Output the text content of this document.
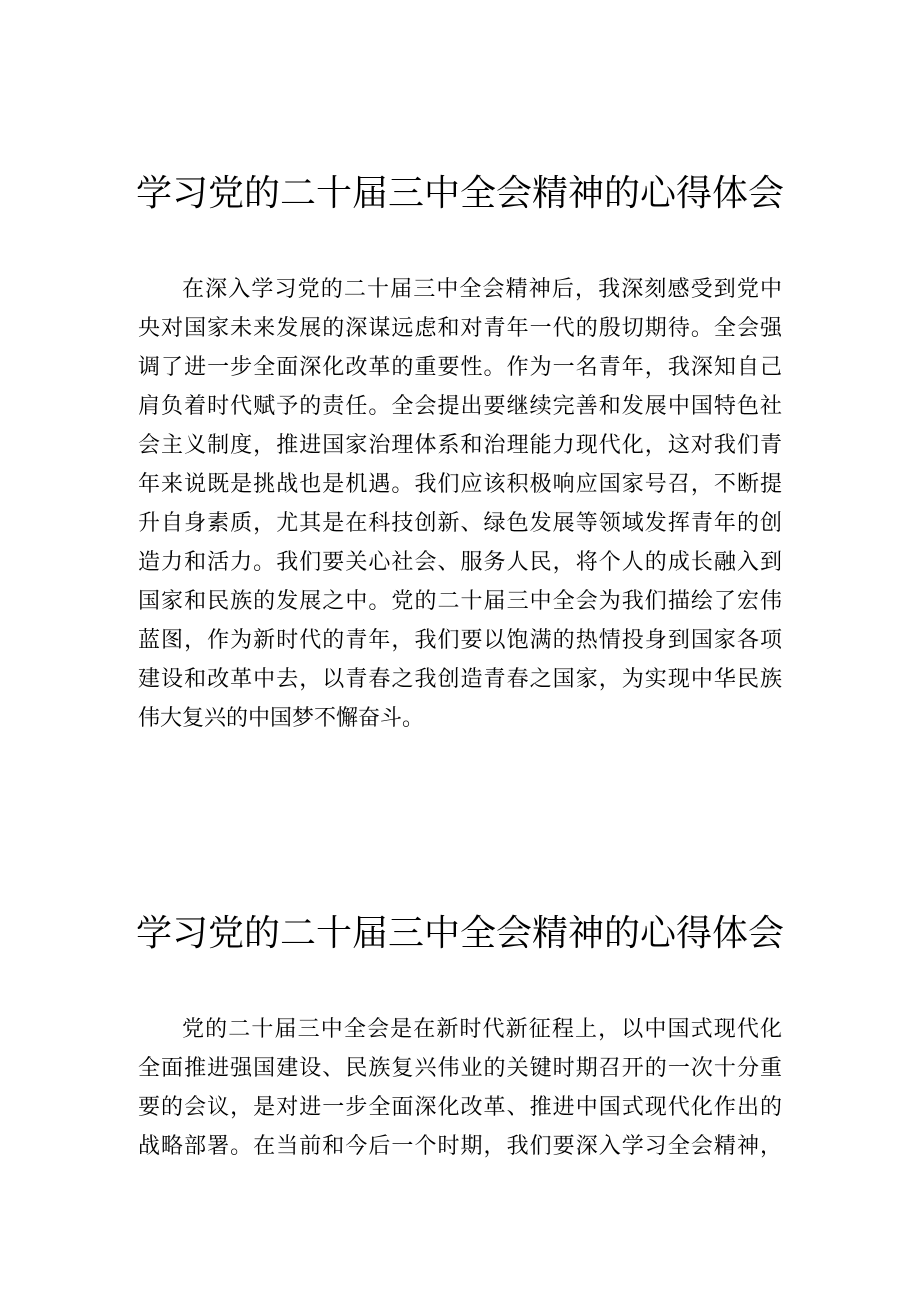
学习党的二十届三中全会精神的心得体会
在深入学习党的二十届三中全会精神后，我深刻感受到党中
央对国家未来发展的深谋远虑和对青年一代的殷切期待。全会强
调了进一步全面深化改革的重要性。作为一名青年，我深知自己
肩负着时代赋予的责任。全会提出要继续完善和发展中国特色社
会主义制度，推进国家治理体系和治理能力现代化，这对我们青
年来说既是挑战也是机遇。我们应该积极响应国家号召，不断提
升自身素质，尤其是在科技创新、绿色发展等领域发挥青年的创
造力和活力。我们要关心社会、服务人民，将个人的成长融入到
国家和民族的发展之中。党的二十届三中全会为我们描绘了宏伟
蓝图，作为新时代的青年，我们要以饱满的热情投身到国家各项
建设和改革中去，以青春之我创造青春之国家，为实现中华民族
伟大复兴的中国梦不懈奋斗。
学习党的二十届三中全会精神的心得体会
党的二十届三中全会是在新时代新征程上，以中国式现代化
全面推进强国建设、民族复兴伟业的关键时期召开的一次十分重
要的会议，是对进一步全面深化改革、推进中国式现代化作出的
战略部署。在当前和今后一个时期，我们要深入学习全会精神，
